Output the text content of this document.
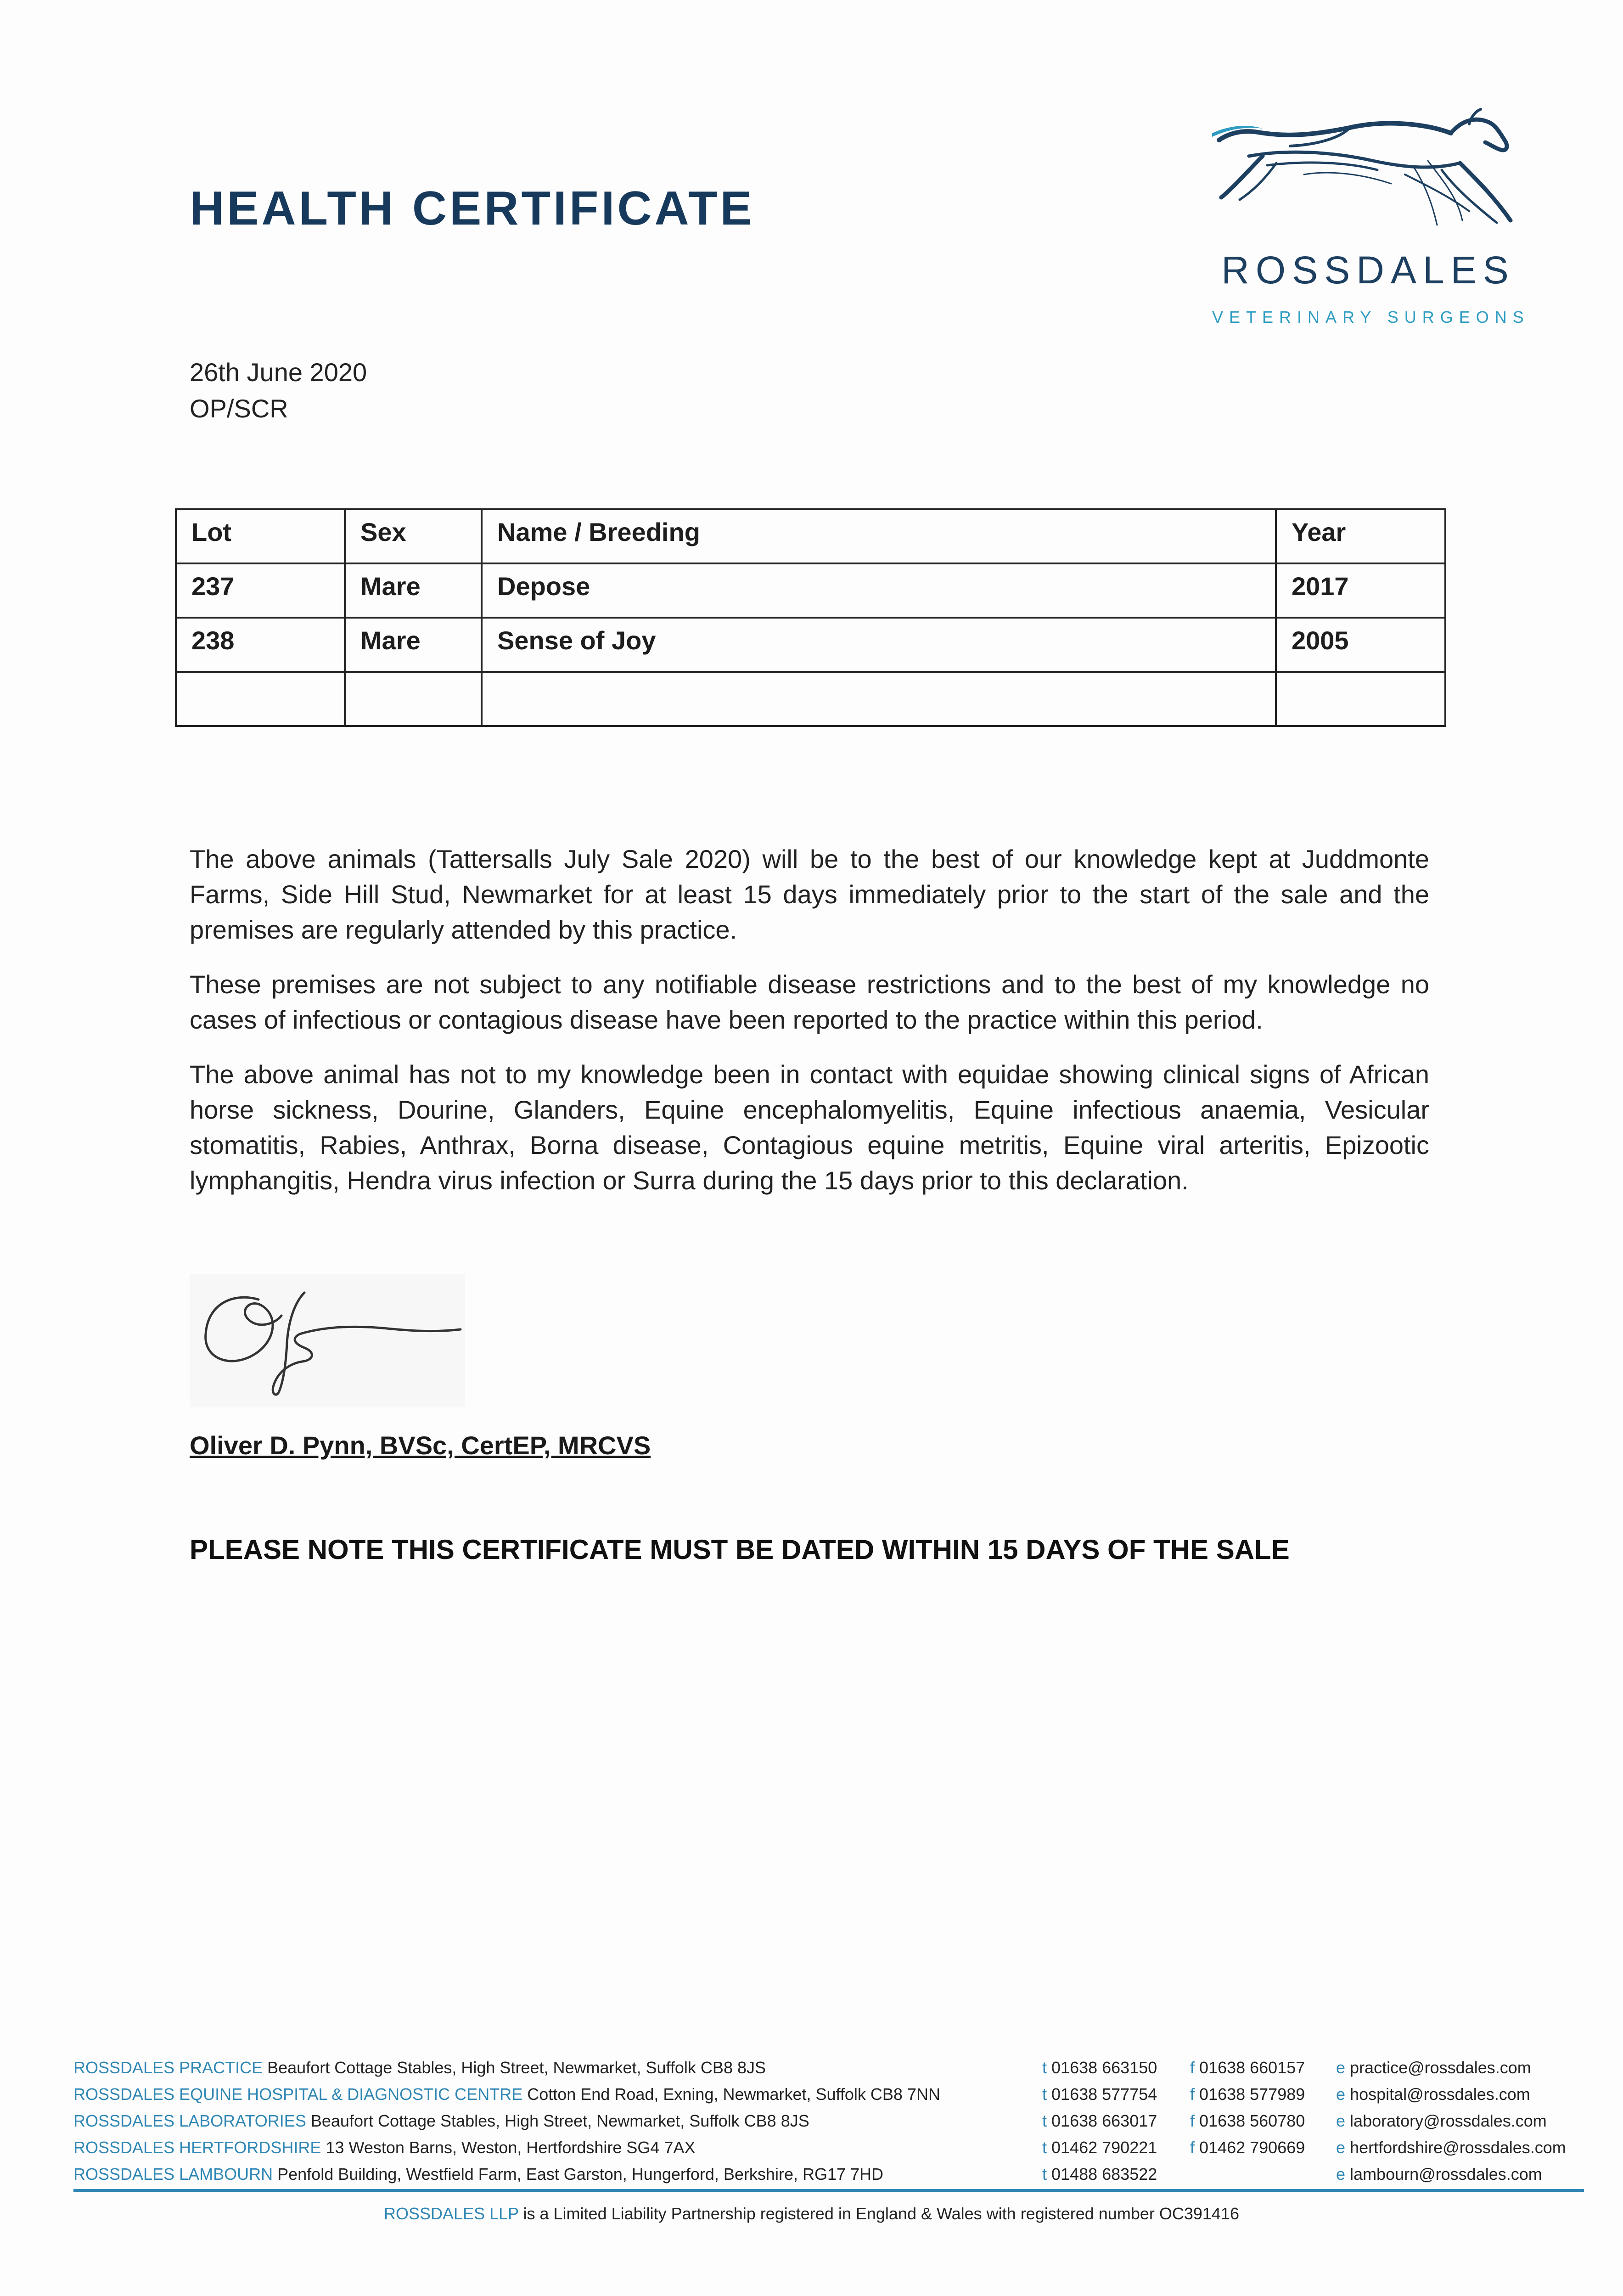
HEALTH CERTIFICATE
ROSSDALES
VETERINARY SURGEONS
26th June 2020
OP/SCR
Lot	Sex	Name / Breeding	Year
237	Mare	Depose	2017
238	Mare	Sense of Joy	2005

The above animals (Tattersalls July Sale 2020) will be to the best of our knowledge kept at Juddmonte Farms, Side Hill Stud, Newmarket for at least 15 days immediately prior to the start of the sale and the premises are regularly attended by this practice.

These premises are not subject to any notifiable disease restrictions and to the best of my knowledge no cases of infectious or contagious disease have been reported to the practice within this period.

The above animal has not to my knowledge been in contact with equidae showing clinical signs of African horse sickness, Dourine, Glanders, Equine encephalomyelitis, Equine infectious anaemia, Vesicular stomatitis, Rabies, Anthrax, Borna disease, Contagious equine metritis, Equine viral arteritis, Epizootic lymphangitis, Hendra virus infection or Surra during the 15 days prior to this declaration.

Oliver D. Pynn, BVSc, CertEP, MRCVS
PLEASE NOTE THIS CERTIFICATE MUST BE DATED WITHIN 15 DAYS OF THE SALE
ROSSDALES PRACTICE Beaufort Cottage Stables, High Street, Newmarket, Suffolk CB8 8JS	t 01638 663150 f 01638 660157 e practice@rossdales.com
ROSSDALES EQUINE HOSPITAL & DIAGNOSTIC CENTRE Cotton End Road, Exning, Newmarket, Suffolk CB8 7NN	t 01638 577754 f 01638 577989 e hospital@rossdales.com
ROSSDALES LABORATORIES Beaufort Cottage Stables, High Street, Newmarket, Suffolk CB8 8JS	t 01638 663017 f 01638 560780 e laboratory@rossdales.com
ROSSDALES HERTFORDSHIRE 13 Weston Barns, Weston, Hertfordshire SG4 7AX	t 01462 790221 f 01462 790669 e hertfordshire@rossdales.com
ROSSDALES LAMBOURN Penfold Building, Westfield Farm, East Garston, Hungerford, Berkshire, RG17 7HD	t 01488 683522	e lambourn@rossdales.com
ROSSDALES LLP is a Limited Liability Partnership registered in England & Wales with registered number OC391416
